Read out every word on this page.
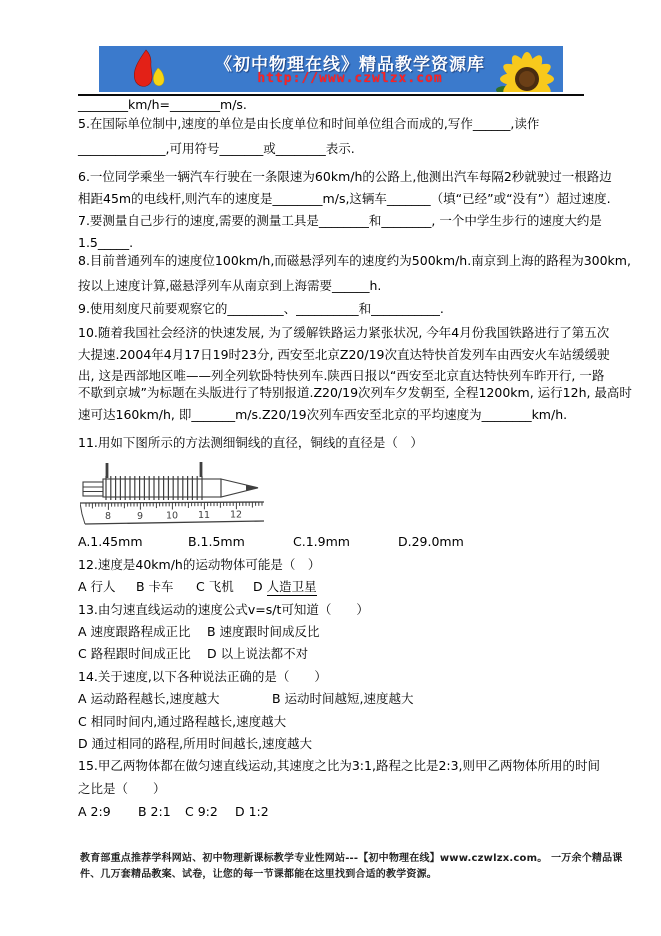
《初中物理在线》精品教学资源库
http://www.czwlzx.com
________km/h=________m/s.
5.在国际单位制中,速度的单位是由长度单位和时间单位组合而成的,写作______,读作
______________,可用符号_______或________表示.
6.一位同学乘坐一辆汽车行驶在一条限速为60km/h的公路上,他测出汽车每隔2秒就驶过一根路边
相距45m的电线杆,则汽车的速度是________m/s,这辆车_______（填“已经”或“没有”）超过速度.
7.要测量自己步行的速度,需要的测量工具是________和________, 一个中学生步行的速度大约是
1.5_____.
8.目前普通列车的速度位100km/h,而磁悬浮列车的速度约为500km/h.南京到上海的路程为300km,
按以上速度计算,磁悬浮列车从南京到上海需要______h.
9.使用刻度尺前要观察它的_________、__________和___________.
10.随着我国社会经济的快速发展, 为了缓解铁路运力紧张状况, 今年4月份我国铁路进行了第五次
大提速.2004年4月17日19时23分, 西安至北京Z20/19次直达特快首发列车由西安火车站缓缓驶
出, 这是西部地区唯——列全列软卧特快列车.陕西日报以“西安至北京直达特快列车昨开行, 一路
不歇到京城”为标题在头版进行了特别报道.Z20/19次列车夕发朝至, 全程1200km, 运行12h, 最高时
速可达160km/h, 即_______m/s.Z20/19次列车西安至北京的平均速度为________km/h.
11.用如下图所示的方法测细铜线的直径，铜线的直径是（　）
8	9 10 11 12
A.1.45mm	B.1.5mm	C.1.9mm	D.29.0mm
12.速度是40km/h的运动物体可能是（　）
A 行人 B 卡车 C 飞机 D 人造卫星
13.由匀速直线运动的速度公式v=s/t可知道（　　）
A 速度跟路程成正比 B 速度跟时间成反比
C 路程跟时间成正比 D 以上说法都不对
14.关于速度,以下各种说法正确的是（　　）
A 运动路程越长,速度越大	B 运动时间越短,速度越大
C 相同时间内,通过路程越长,速度越大
D 通过相同的路程,所用时间越长,速度越大
15.甲乙两物体都在做匀速直线运动,其速度之比为3:1,路程之比是2:3,则甲乙两物体所用的时间
之比是（　　）
A 2:9 B 2:1 C 9:2 D 1:2
教育部重点推荐学科网站、初中物理新课标教学专业性网站---【初中物理在线】www.czwlzx.com。 一万余个精品课
件、几万套精品教案、试卷，让您的每一节课都能在这里找到合适的教学资源。
